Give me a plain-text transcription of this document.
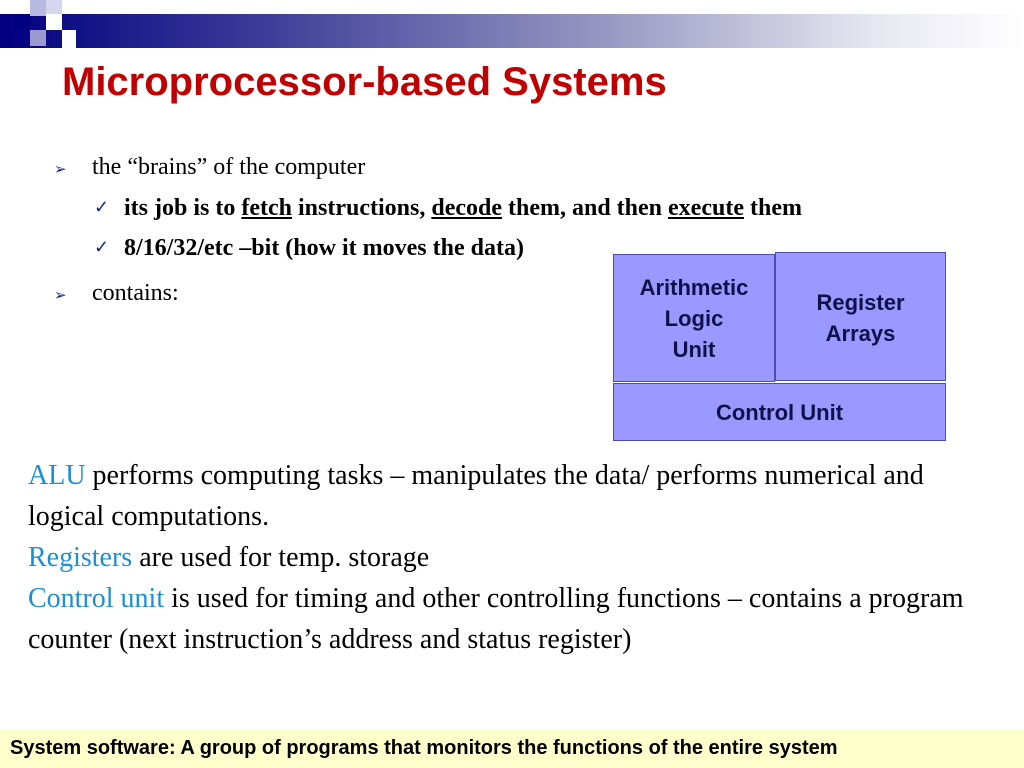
Microprocessor-based Systems
➢ the “brains” of the computer
✓ its job is to fetch instructions, decode them, and then execute them
✓ 8/16/32/etc –bit (how it moves the data)
➢ contains:	Arithmetic
Logic
Unit
Register
Arrays
Control Unit
ALU performs computing tasks – manipulates the data/ performs numerical and logical computations.
Registers are used for temp. storage
Control unit is used for timing and other controlling functions – contains a program counter (next instruction’s address and status register)
System software: A group of programs that monitors the functions of the entire system
